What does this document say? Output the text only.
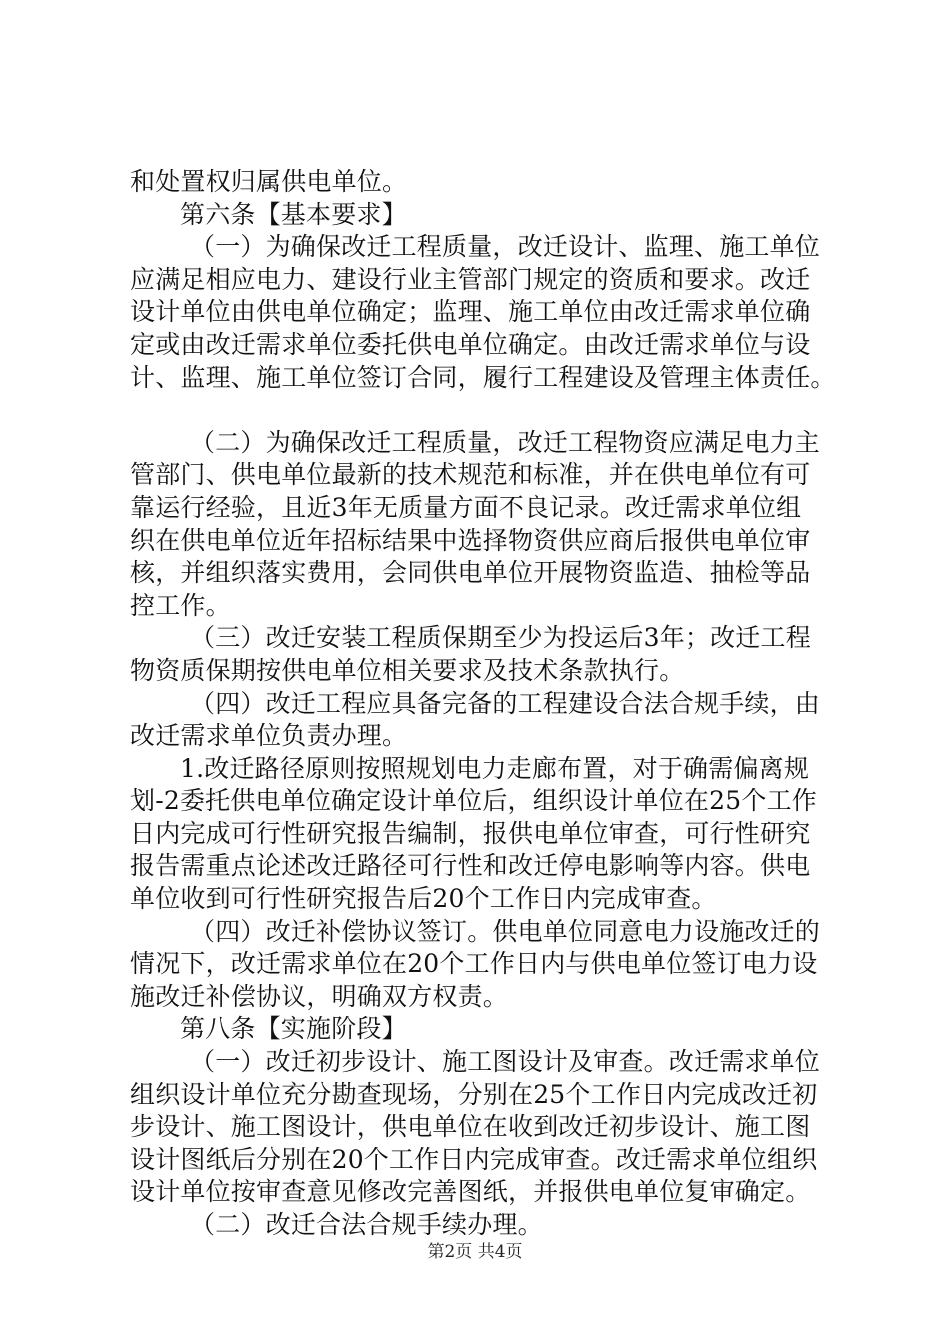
和处置权归属供电单位。
第六条【基本要求】
（一）为确保改迁工程质量，改迁设计、监理、施工单位
应满足相应电力、建设行业主管部门规定的资质和要求。改迁
设计单位由供电单位确定；监理、施工单位由改迁需求单位确
定或由改迁需求单位委托供电单位确定。由改迁需求单位与设
计、监理、施工单位签订合同，履行工程建设及管理主体责任。
（二）为确保改迁工程质量，改迁工程物资应满足电力主
管部门、供电单位最新的技术规范和标准，并在供电单位有可
靠运行经验，且近3年无质量方面不良记录。改迁需求单位组
织在供电单位近年招标结果中选择物资供应商后报供电单位审
核，并组织落实费用，会同供电单位开展物资监造、抽检等品
控工作。
（三）改迁安装工程质保期至少为投运后3年；改迁工程
物资质保期按供电单位相关要求及技术条款执行。
（四）改迁工程应具备完备的工程建设合法合规手续，由
改迁需求单位负责办理。
1.改迁路径原则按照规划电力走廊布置，对于确需偏离规
划-2委托供电单位确定设计单位后，组织设计单位在25个工作
日内完成可行性研究报告编制，报供电单位审查，可行性研究
报告需重点论述改迁路径可行性和改迁停电影响等内容。供电
单位收到可行性研究报告后20个工作日内完成审查。
（四）改迁补偿协议签订。供电单位同意电力设施改迁的
情况下，改迁需求单位在20个工作日内与供电单位签订电力设
施改迁补偿协议，明确双方权责。
第八条【实施阶段】
（一）改迁初步设计、施工图设计及审查。改迁需求单位
组织设计单位充分勘查现场，分别在25个工作日内完成改迁初
步设计、施工图设计，供电单位在收到改迁初步设计、施工图
设计图纸后分别在20个工作日内完成审查。改迁需求单位组织
设计单位按审查意见修改完善图纸，并报供电单位复审确定。
（二）改迁合法合规手续办理。
第2页 共4页
